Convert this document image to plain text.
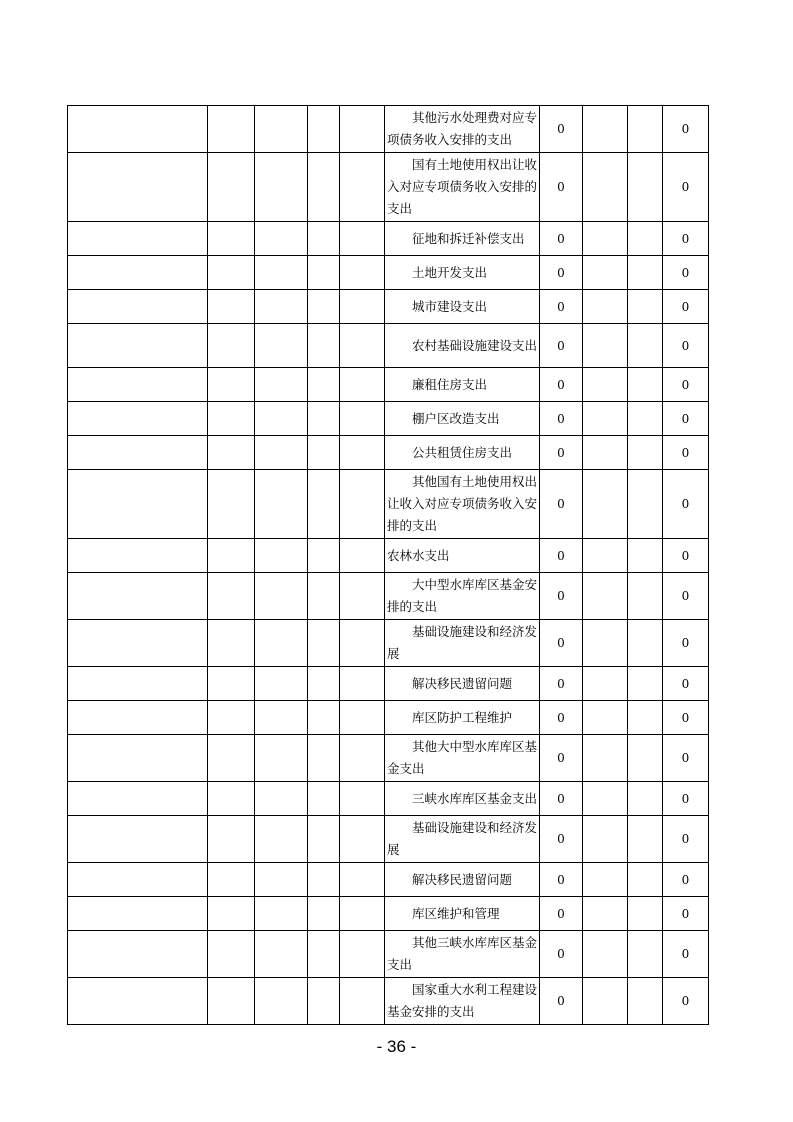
					其他污水处理费对应专项债务收入安排的支出	0			0

					国有土地使用权出让收入对应专项债务收入安排的支出	0			0

					征地和拆迁补偿支出	0			0

					土地开发支出	0			0

					城市建设支出	0			0

					农村基础设施建设支出	0			0

					廉租住房支出	0			0

					棚户区改造支出	0			0

					公共租赁住房支出	0			0

					其他国有土地使用权出让收入对应专项债务收入安排的支出	0			0

					农林水支出	0			0

					大中型水库库区基金安排的支出	0			0

					基础设施建设和经济发展	0			0

					解决移民遗留问题	0			0

					库区防护工程维护	0			0

					其他大中型水库库区基金支出	0			0

					三峡水库库区基金支出	0			0

					基础设施建设和经济发展	0			0

					解决移民遗留问题	0			0

					库区维护和管理	0			0

					其他三峡水库库区基金支出	0			0

					国家重大水利工程建设基金安排的支出	0			0
- 36 -
